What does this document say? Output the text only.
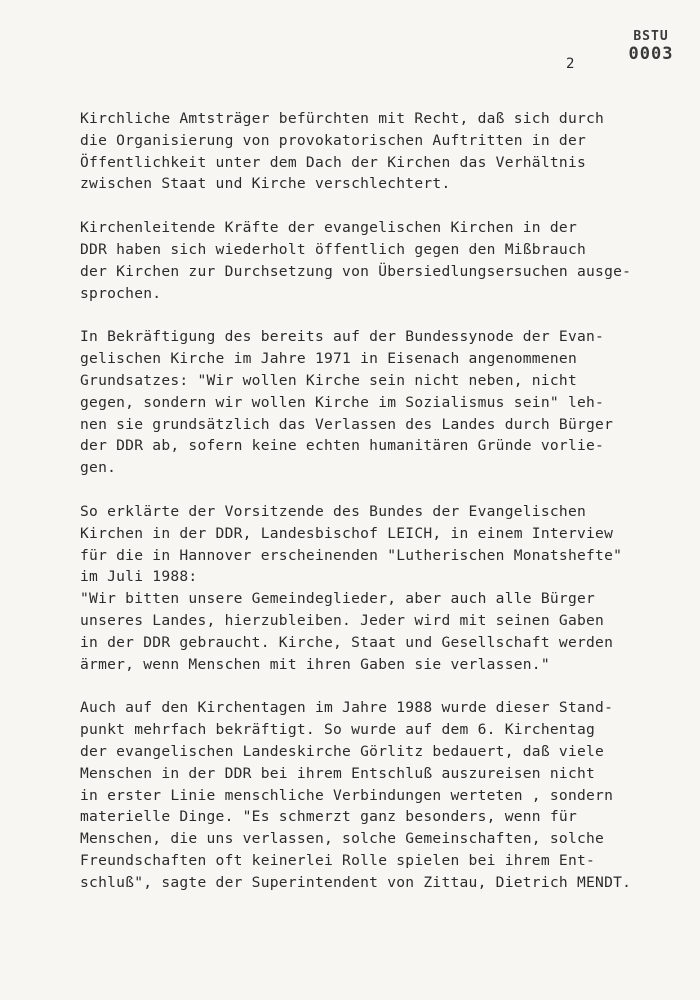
BSTU
0003
2

Kirchliche Amtsträger befürchten mit Recht, daß sich durch
die Organisierung von provokatorischen Auftritten in der
Öffentlichkeit unter dem Dach der Kirchen das Verhältnis
zwischen Staat und Kirche verschlechtert.

Kirchenleitende Kräfte der evangelischen Kirchen in der
DDR haben sich wiederholt öffentlich gegen den Mißbrauch
der Kirchen zur Durchsetzung von Übersiedlungsersuchen ausge-
sprochen.

In Bekräftigung des bereits auf der Bundessynode der Evan-
gelischen Kirche im Jahre 1971 in Eisenach angenommenen
Grundsatzes: "Wir wollen Kirche sein nicht neben, nicht
gegen, sondern wir wollen Kirche im Sozialismus sein" leh-
nen sie grundsätzlich das Verlassen des Landes durch Bürger
der DDR ab, sofern keine echten humanitären Gründe vorlie-
gen.

So erklärte der Vorsitzende des Bundes der Evangelischen
Kirchen in der DDR, Landesbischof LEICH, in einem Interview
für die in Hannover erscheinenden "Lutherischen Monatshefte"
im Juli 1988:
"Wir bitten unsere Gemeindeglieder, aber auch alle Bürger
unseres Landes, hierzubleiben. Jeder wird mit seinen Gaben
in der DDR gebraucht. Kirche, Staat und Gesellschaft werden
ärmer, wenn Menschen mit ihren Gaben sie verlassen."

Auch auf den Kirchentagen im Jahre 1988 wurde dieser Stand-
punkt mehrfach bekräftigt. So wurde auf dem 6. Kirchentag
der evangelischen Landeskirche Görlitz bedauert, daß viele
Menschen in der DDR bei ihrem Entschluß auszureisen nicht
in erster Linie menschliche Verbindungen werteten , sondern
materielle Dinge. "Es schmerzt ganz besonders, wenn für
Menschen, die uns verlassen, solche Gemeinschaften, solche
Freundschaften oft keinerlei Rolle spielen bei ihrem Ent-
schluß", sagte der Superintendent von Zittau, Dietrich MENDT.
